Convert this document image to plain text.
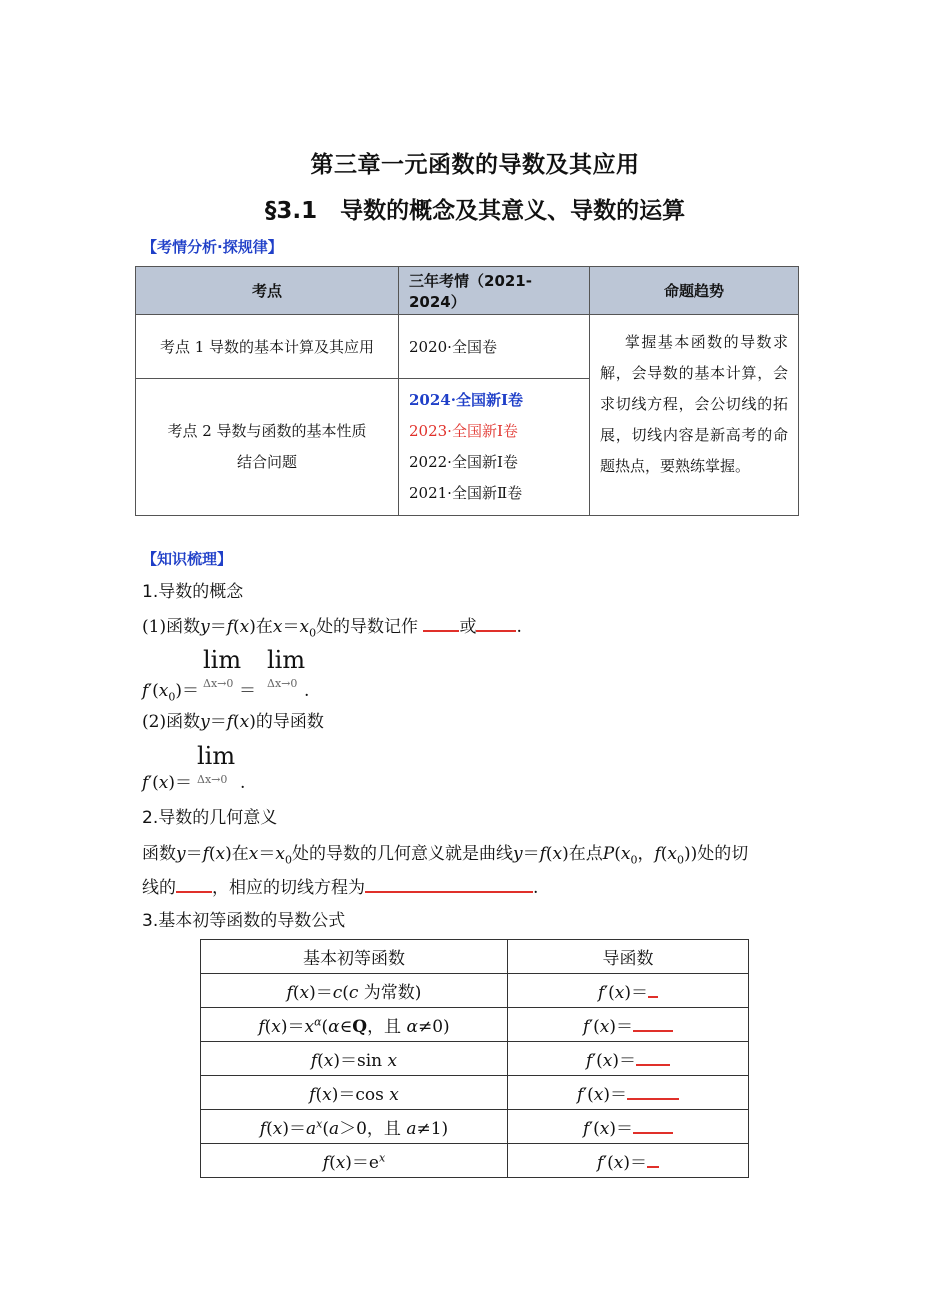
第三章一元函数的导数及其应用
§3.1　导数的概念及其意义、导数的运算
【考情分析·探规律】
考点	三年考情（2021-2024）	命题趋势
考点 1 导数的基本计算及其应用	2020·全国卷	掌握基本函数的导数求解，会导数的基本计算，会求切线方程，会公切线的拓展，切线内容是新高考的命题热点，要熟练掌握。
考点 2 导数与函数的基本性质结合问题	2024·全国新Ⅰ卷
2023·全国新Ⅰ卷
2022·全国新Ⅰ卷
2021·全国新Ⅱ卷	
【知识梳理】
1.导数的概念
(1)函数y＝f(x)在$x=x_0$处的导数记作 或 .
lim
Δx→0
lim
Δx→0
$f'(x_0)=$ ＝	.
(2)函数y＝f(x)的导函数
lim
Δx→0
f′(x)＝	.
2.导数的几何意义
函数y＝f(x)在$x=x_0$处的导数的几何意义就是曲线y＝f(x)在点$P(x_0$，$f(x_0)$)处的切
线的 ，相应的切线方程为	.
3.基本初等函数的导数公式
基本初等函数	导函数
f(x)＝c(c 为常数)	f′(x)＝
$f(x)=x^\alpha(\alpha\in Q$，且 α≠0)	f′(x)＝
f(x)＝sin x	f′(x)＝
f(x)＝cos x	f′(x)＝
$f(x)=a^x(a>0$，且 a≠1)	f′(x)＝
$f(x)=e^x$	f′(x)＝
